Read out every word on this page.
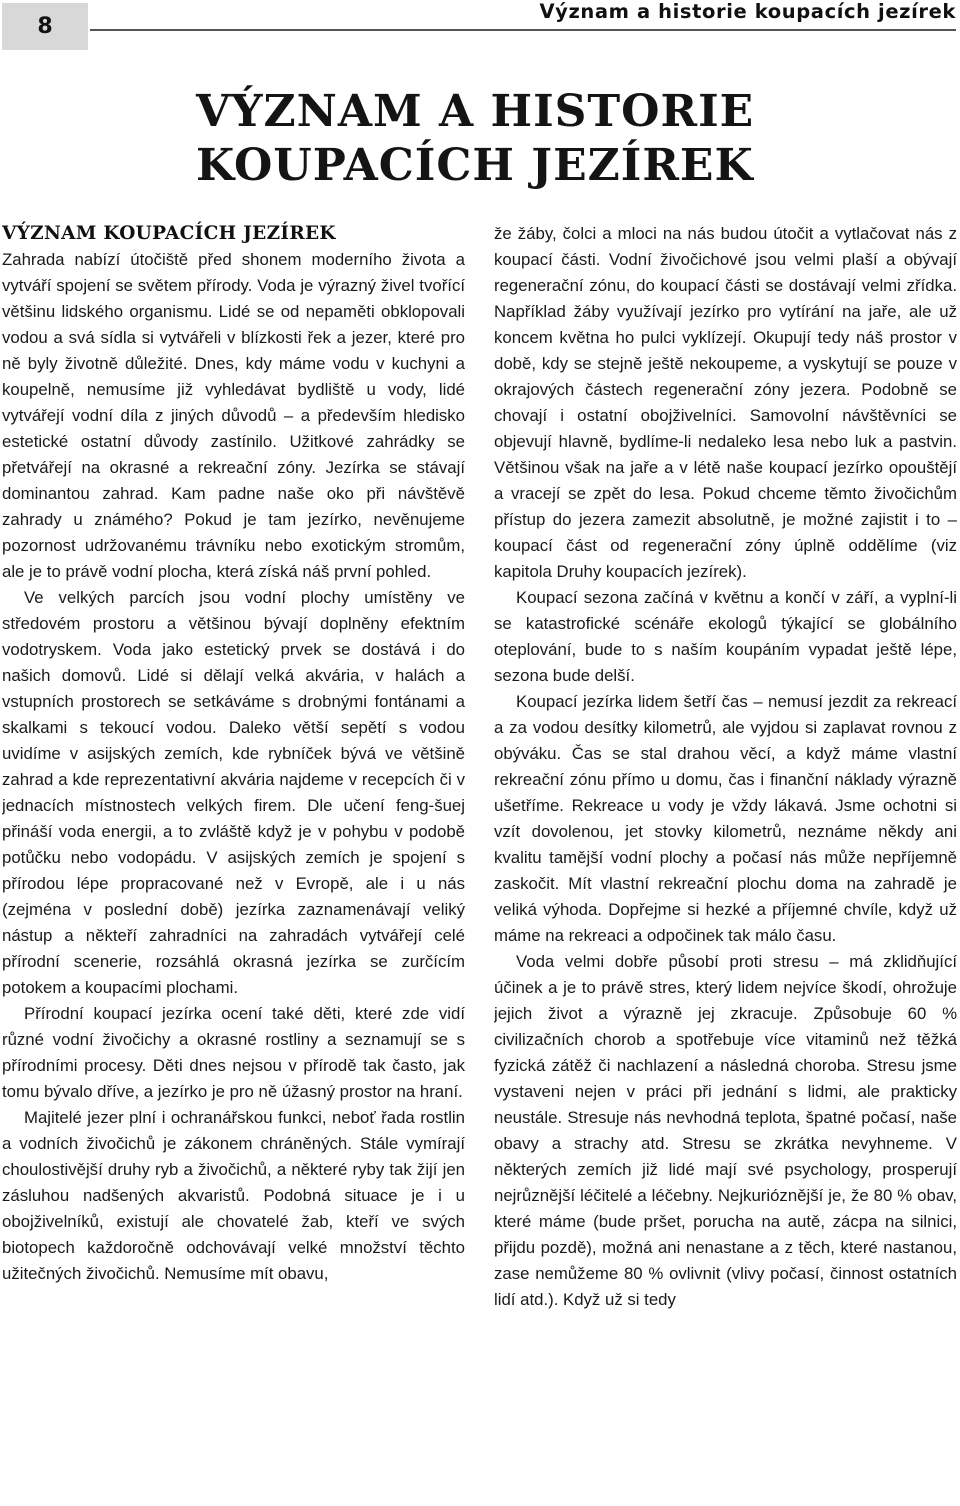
8
Význam a historie koupacích jezírek
VÝZNAM A HISTORIE
KOUPACÍCH JEZÍREK
VÝZNAM KOUPACÍCH JEZÍREK

Zahrada nabízí útočiště před shonem moderního života a vytváří spojení se světem přírody. Voda je výrazný živel tvořící většinu lidského organismu. Lidé se od nepaměti obklopovali vodou a svá sídla si vytvářeli v blízkosti řek a jezer, které pro ně byly životně důležité. Dnes, kdy máme vodu v kuchyni a koupelně, nemusíme již vyhledávat bydliště u vody, lidé vytvářejí vodní díla z jiných důvodů – a především hledisko estetické ostatní důvody zastínilo. Užitkové zahrádky se přetvářejí na okrasné a rekreační zóny. Jezírka se stávají dominantou zahrad. Kam padne naše oko při návštěvě zahrady u známého? Pokud je tam jezírko, nevěnujeme pozornost udržovanému trávníku nebo exotickým stromům, ale je to právě vodní plocha, která získá náš první pohled.

Ve velkých parcích jsou vodní plochy umístěny ve středovém prostoru a většinou bývají doplněny efektním vodotryskem. Voda jako estetický prvek se dostává i do našich domovů. Lidé si dělají velká akvária, v halách a vstupních prostorech se setkáváme s drobnými fontánami a skalkami s tekoucí vodou. Daleko větší sepětí s vodou uvidíme v asijských zemích, kde rybníček bývá ve většině zahrad a kde reprezentativní akvária najdeme v recepcích či v jednacích místnostech velkých firem. Dle učení feng-šuej přináší voda energii, a to zvláště když je v pohybu v podobě potůčku nebo vodopádu. V asijských zemích je spojení s přírodou lépe propracované než v Evropě, ale i u nás (zejména v poslední době) jezírka zaznamenávají veliký nástup a někteří zahradníci na zahradách vytvářejí celé přírodní scenerie, rozsáhlá okrasná jezírka se zurčícím potokem a koupacími plochami.

Přírodní koupací jezírka ocení také děti, které zde vidí různé vodní živočichy a okrasné rostliny a seznamují se s přírodními procesy. Děti dnes nejsou v přírodě tak často, jak tomu bývalo dříve, a jezírko je pro ně úžasný prostor na hraní.

Majitelé jezer plní i ochranářskou funkci, neboť řada rostlin a vodních živočichů je zákonem chráněných. Stále vymírají choulostivější druhy ryb a živočichů, a některé ryby tak žijí jen zásluhou nadšených akvaristů. Podobná situace je i u obojživelníků, existují ale chovatelé žab, kteří ve svých biotopech každoročně odchovávají velké množství těchto užitečných živočichů. Nemusíme mít obavu,

že žáby, čolci a mloci na nás budou útočit a vytlačovat nás z koupací části. Vodní živočichové jsou velmi plaší a obývají regenerační zónu, do koupací části se dostávají velmi zřídka. Například žáby využívají jezírko pro vytírání na jaře, ale už koncem května ho pulci vyklízejí. Okupují tedy náš prostor v době, kdy se stejně ještě nekoupeme, a vyskytují se pouze v okrajových částech regenerační zóny jezera. Podobně se chovají i ostatní obojživelníci. Samovolní návštěvníci se objevují hlavně, bydlíme-li nedaleko lesa nebo luk a pastvin. Většinou však na jaře a v létě naše koupací jezírko opouštějí a vracejí se zpět do lesa. Pokud chceme těmto živočichům přístup do jezera zamezit absolutně, je možné zajistit i to – koupací část od regenerační zóny úplně oddělíme (viz kapitola Druhy koupacích jezírek).

Koupací sezona začíná v květnu a končí v září, a vyplní-li se katastrofické scénáře ekologů týkající se globálního oteplování, bude to s naším koupáním vypadat ještě lépe, sezona bude delší.

Koupací jezírka lidem šetří čas – nemusí jezdit za rekreací a za vodou desítky kilometrů, ale vyjdou si zaplavat rovnou z obýváku. Čas se stal drahou věcí, a když máme vlastní rekreační zónu přímo u domu, čas i finanční náklady výrazně ušetříme. Rekreace u vody je vždy lákavá. Jsme ochotni si vzít dovolenou, jet stovky kilometrů, neznáme někdy ani kvalitu tamější vodní plochy a počasí nás může nepříjemně zaskočit. Mít vlastní rekreační plochu doma na zahradě je veliká výhoda. Dopřejme si hezké a příjemné chvíle, když už máme na rekreaci a odpočinek tak málo času.

Voda velmi dobře působí proti stresu – má zklidňující účinek a je to právě stres, který lidem nejvíce škodí, ohrožuje jejich život a výrazně jej zkracuje. Způsobuje 60 % civilizačních chorob a spotřebuje více vitaminů než těžká fyzická zátěž či nachlazení a následná choroba. Stresu jsme vystaveni nejen v práci při jednání s lidmi, ale prakticky neustále. Stresuje nás nevhodná teplota, špatné počasí, naše obavy a strachy atd. Stresu se zkrátka nevyhneme. V některých zemích již lidé mají své psychology, prosperují nejrůznější léčitelé a léčebny. Nejkurióznější je, že 80 % obav, které máme (bude pršet, porucha na autě, zácpa na silnici, přijdu pozdě), možná ani nenastane a z těch, které nastanou, zase nemůžeme 80 % ovlivnit (vlivy počasí, činnost ostatních lidí atd.). Když už si tedy
